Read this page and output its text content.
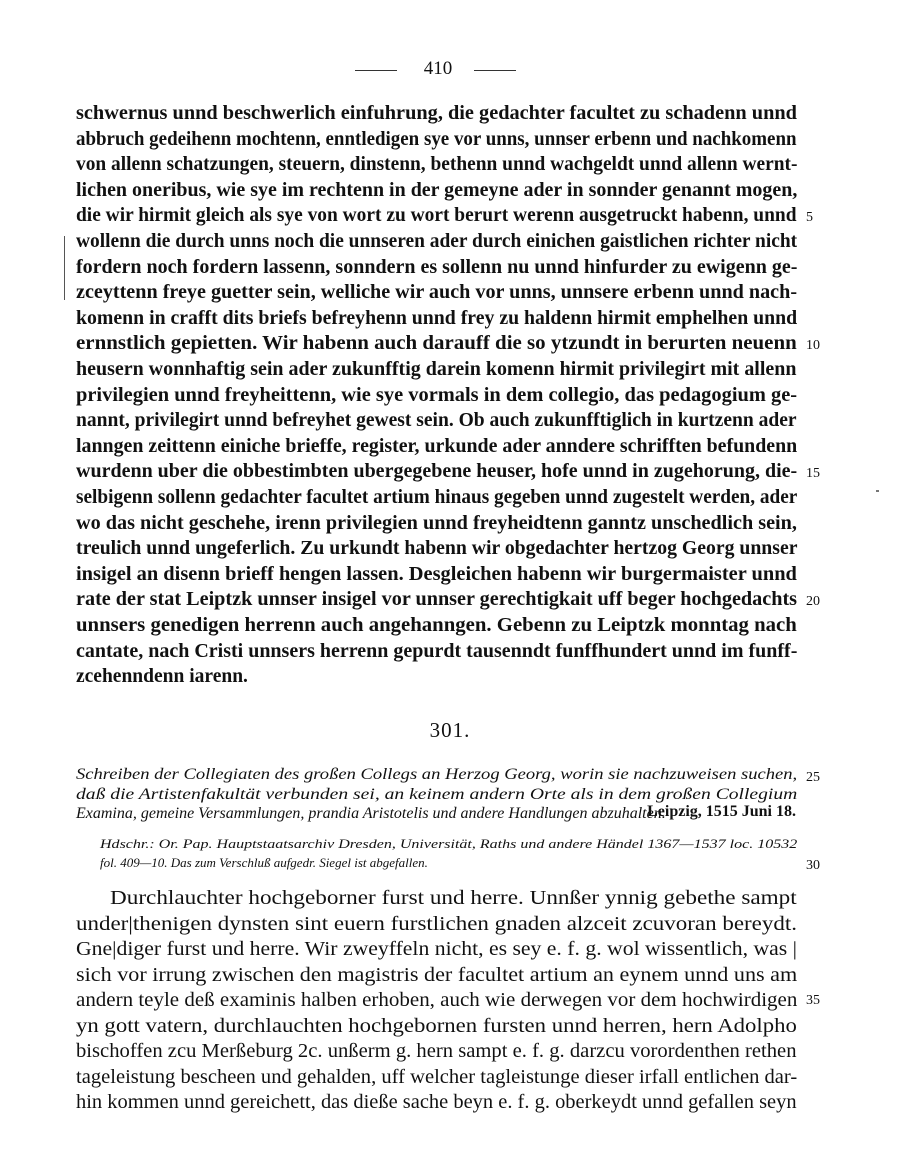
410
schwernus unnd beschwerlich einfuhrung, die gedachter facultet zu schadenn unnd
abbruch gedeihenn mochtenn, enntledigen sye vor unns, unnser erbenn und nachkomenn
von allenn schatzungen, steuern, dinstenn, bethenn unnd wachgeldt unnd allenn wernt-
lichen oneribus, wie sye im rechtenn in der gemeyne ader in sonnder genannt mogen,
die wir hirmit gleich als sye von wort zu wort berurt werenn ausgetruckt habenn, unnd
wollenn die durch unns noch die unnseren ader durch einichen gaistlichen richter nicht
fordern noch fordern lassenn, sonndern es sollenn nu unnd hinfurder zu ewigenn ge-
zceyttenn freye guetter sein, welliche wir auch vor unns, unnsere erbenn unnd nach-
komenn in crafft dits briefs befreyhenn unnd frey zu haldenn hirmit emphelhen unnd
ernnstlich gepietten. Wir habenn auch darauff die so ytzundt in berurten neuenn
heusern wonnhaftig sein ader zukunfftig darein komenn hirmit privilegirt mit allenn
privilegien unnd freyheittenn, wie sye vormals in dem collegio, das pedagogium ge-
nannt, privilegirt unnd befreyhet gewest sein. Ob auch zukunfftiglich in kurtzenn ader
lanngen zeittenn einiche brieffe, register, urkunde ader anndere schrifften befundenn
wurdenn uber die obbestimbten ubergegebene heuser, hofe unnd in zugehorung, die-
selbigenn sollenn gedachter facultet artium hinaus gegeben unnd zugestelt werden, ader
wo das nicht geschehe, irenn privilegien unnd freyheidtenn ganntz unschedlich sein,
treulich unnd ungeferlich. Zu urkundt habenn wir obgedachter hertzog Georg unnser
insigel an disenn brieff hengen lassen. Desgleichen habenn wir burgermaister unnd
rate der stat Leiptzk unnser insigel vor unnser gerechtigkait uff beger hochgedachts
unnsers genedigen herrenn auch angehanngen. Gebenn zu Leiptzk monntag nach
cantate, nach Cristi unnsers herrenn gepurdt tausenndt funffhundert unnd im funff-
zcehenndenn iarenn.
5
10
15
20
301.
Schreiben der Collegiaten des großen Collegs an Herzog Georg, worin sie nachzuweisen suchen,
daß die Artistenfakultät verbunden sei, an keinem andern Orte als in dem großen Collegium
Examina, gemeine Versammlungen, prandia Aristotelis und andere Handlungen abzuhalten.
25
Leipzig, 1515 Juni 18.
Hdschr.: Or. Pap. Hauptstaatsarchiv Dresden, Universität, Raths und andere Händel 1367—1537 loc. 10532
fol. 409—10. Das zum Verschluß aufgedr. Siegel ist abgefallen.	30
Durchlauchter hochgeborner furst und herre. Unnßer ynnig gebethe sampt
under|thenigen dynsten sint euern furstlichen gnaden alzceit zcuvoran bereydt.
Gne|diger furst und herre. Wir zweyffeln nicht, es sey e. f. g. wol wissentlich, was |
sich vor irrung zwischen den magistris der facultet artium an eynem unnd uns am
andern teyle deß examinis halben erhoben, auch wie derwegen vor dem hochwirdigen
yn gott vatern, durchlauchten hochgebornen fursten unnd herren, hern Adolpho
bischoffen zcu Merßeburg 2c. unßerm g. hern sampt e. f. g. darzcu vorordenthen rethen
tageleistung bescheen und gehalden, uff welcher tagleistunge dieser irfall entlichen dar-
hin kommen unnd gereichett, das dieße sache beyn e. f. g. oberkeydt unnd gefallen seyn
35
